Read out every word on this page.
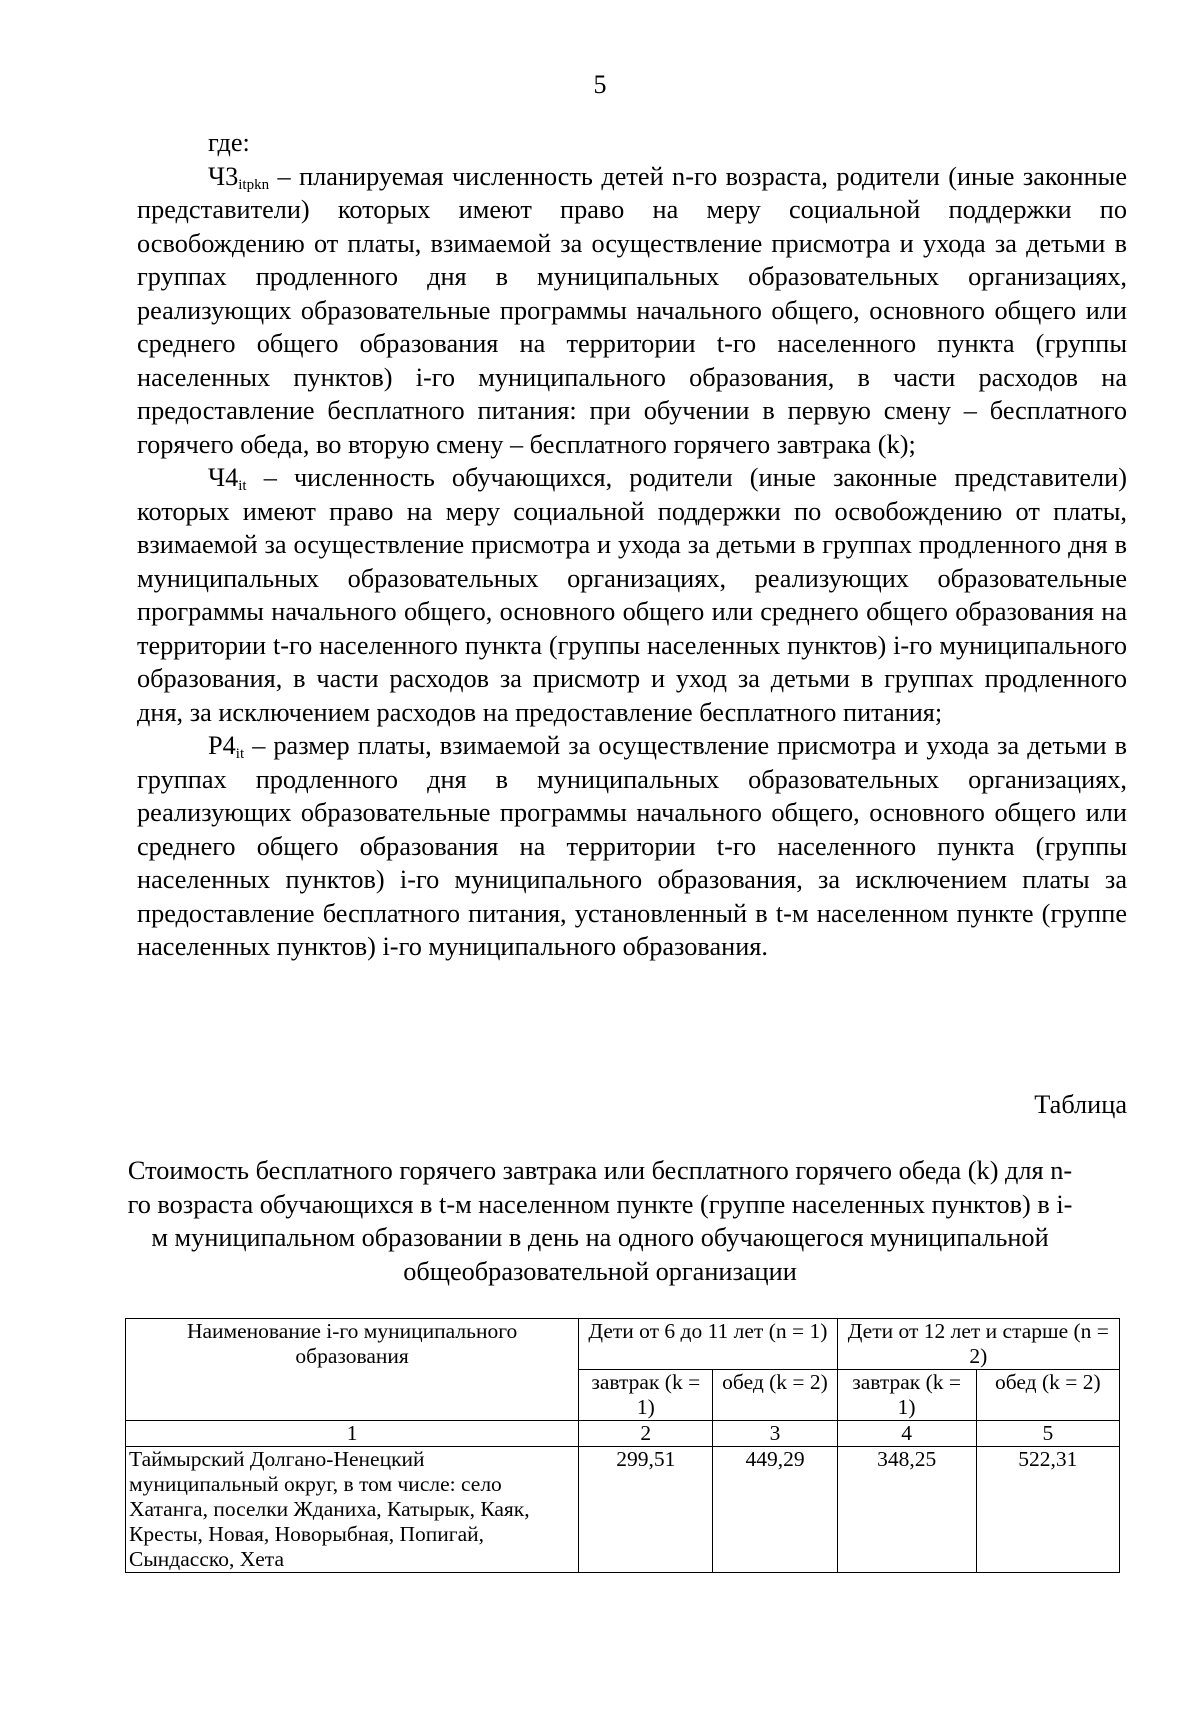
5

где:

$Ч3_{itpkn}$ – планируемая численность детей n-го возраста, родители (иные законные представители) которых имеют право на меру социальной поддержки по освобождению от платы, взимаемой за осуществление присмотра и ухода за детьми в группах продленного дня в муниципальных образовательных организациях, реализующих образовательные программы начального общего, основного общего или среднего общего образования на территории t-го населенного пункта (группы населенных пунктов) i-го муниципального образования, в части расходов на предоставление бесплатного питания: при обучении в первую смену – бесплатного горячего обеда, во вторую смену – бесплатного горячего завтрака (k);

$Ч4_{it}$ – численность обучающихся, родители (иные законные представители) которых имеют право на меру социальной поддержки по освобождению от платы, взимаемой за осуществление присмотра и ухода за детьми в группах продленного дня в муниципальных образовательных организациях, реализующих образовательные программы начального общего, основного общего или среднего общего образования на территории t-го населенного пункта (группы населенных пунктов) i-го муниципального образования, в части расходов за присмотр и уход за детьми в группах продленного дня, за исключением расходов на предоставление бесплатного питания;

$Р4_{it}$ – размер платы, взимаемой за осуществление присмотра и ухода за детьми в группах продленного дня в муниципальных образовательных организациях, реализующих образовательные программы начального общего, основного общего или среднего общего образования на территории t-го населенного пункта (группы населенных пунктов) i-го муниципального образования, за исключением платы за предоставление бесплатного питания, установленный в t-м населенном пункте (группе населенных пунктов) i-го муниципального образования.

Таблица
Стоимость бесплатного горячего завтрака или бесплатного горячего обеда (k) для n-го возраста обучающихся в t-м населенном пункте (группе населенных пунктов) в i-м муниципальном образовании в день на одного обучающегося муниципальной общеобразовательной организации
Наименование i-го муниципального образования	Дети от 6 до 11 лет (n = 1)		Дети от 12 лет и старше (n = 2)	
	завтрак (k = 1)	обед (k = 2)	завтрак (k = 1)	обед (k = 2)
1	2	3	4	5
Таймырский Долгано-Ненецкий муниципальный округ, в том числе: село Хатанга, поселки Жданиха, Катырык, Каяк, Кресты, Новая, Новорыбная, Попигай, Сындасско, Хета	299,51	449,29	348,25	522,31
